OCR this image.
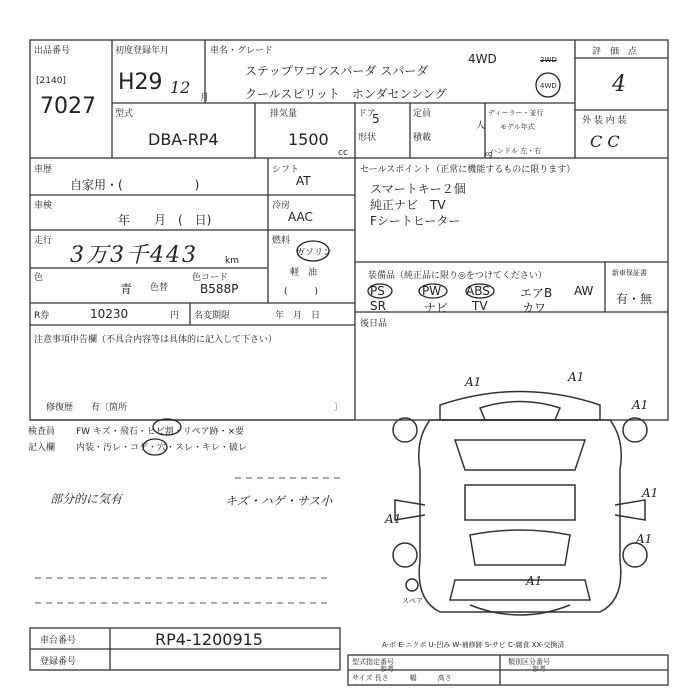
出品番号
[2140]
7027
初度登録年月
H29 12
月
車名・グレード
ステップワゴンスパーダ スパーダ
クールスピリット　ホンダセンシング
4WD	2WD
4WD
評　価　点
4
外 装 内 装
C C
型式
DBA-RP4
排気量
1500
cc
ドア
5
形状
定員
人
積載
kg
ディーラー・並行
モデル年式
ハンドル 左・右
車歴
自家用・(　　　　　　)
シフト
AT
車検
年　　月　(　日)
冷房
AAC
走行
3万3千443	km
燃料
ガソリン
軽　油
(　　　)
色
青 色替
色コード
B588P
R券	10230	円 名変期限	年　月　日
注意事項申告欄（不具合内容等は具体的に記入して下さい）
修復歴　　有〔箇所	〕
セールスポイント（正常に機能するものに限ります）
スマートキー２個
純正ナビ　TV
Fシートヒーター
装備品（純正品に限り◎をつけてください）
PS	PW ABS	エアB AW
SR	ナビ TV	カワ
後日品
新車保証書
有・無
検査員
記入欄
FW キズ・飛石・ヒビ割・リペア跡・×要
内装・汚レ・コゲ・穴・スレ・キレ・破レ
部分的に気有	キズ・ハゲ・サス小
A1	A1
A1
A1
A1
A1
A1
スペア
車台番号	RP4-1200915
登録番号
A-ポ E-ニクポ U-凹み W-補修跡 S-サビ C-腐食 XX-交換済
型式指定番号
参考
類別区分番号
参考
サイズ 長さ　　　幅　　　高さ
